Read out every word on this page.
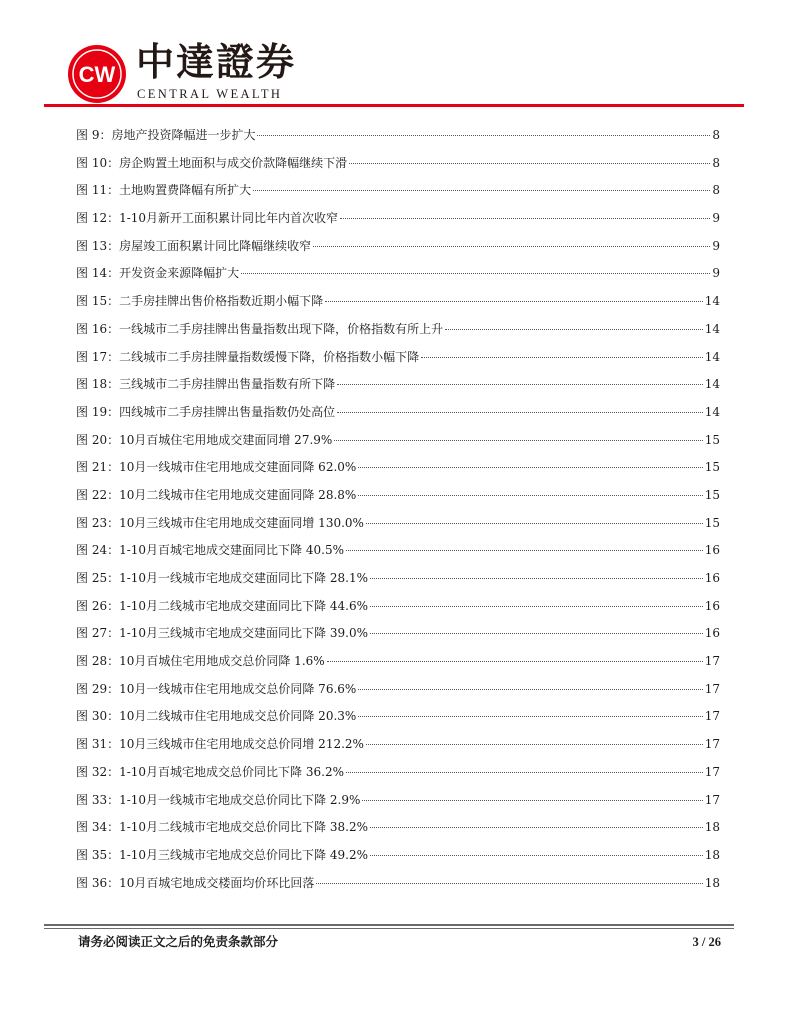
CW 中達證券
CENTRAL WEALTH
图 9： 房地产投资降幅进一步扩大	8
图 10： 房企购置土地面积与成交价款降幅继续下滑	8
图 11： 土地购置费降幅有所扩大	8
图 12： 1-10月新开工面积累计同比年内首次收窄	9
图 13： 房屋竣工面积累计同比降幅继续收窄	9
图 14： 开发资金来源降幅扩大	9
图 15： 二手房挂牌出售价格指数近期小幅下降	14
图 16： 一线城市二手房挂牌出售量指数出现下降，价格指数有所上升	14
图 17： 二线城市二手房挂牌量指数缓慢下降，价格指数小幅下降	14
图 18： 三线城市二手房挂牌出售量指数有所下降	14
图 19： 四线城市二手房挂牌出售量指数仍处高位	14
图 20： 10月百城住宅用地成交建面同增 27.9%	15
图 21： 10月一线城市住宅用地成交建面同降 62.0%	15
图 22： 10月二线城市住宅用地成交建面同降 28.8%	15
图 23： 10月三线城市住宅用地成交建面同增 130.0%	15
图 24： 1-10月百城宅地成交建面同比下降 40.5%	16
图 25： 1-10月一线城市宅地成交建面同比下降 28.1%	16
图 26： 1-10月二线城市宅地成交建面同比下降 44.6%	16
图 27： 1-10月三线城市宅地成交建面同比下降 39.0%	16
图 28： 10月百城住宅用地成交总价同降 1.6%	17
图 29： 10月一线城市住宅用地成交总价同降 76.6%	17
图 30： 10月二线城市住宅用地成交总价同降 20.3%	17
图 31： 10月三线城市住宅用地成交总价同增 212.2%	17
图 32： 1-10月百城宅地成交总价同比下降 36.2%	17
图 33： 1-10月一线城市宅地成交总价同比下降 2.9%	17
图 34： 1-10月二线城市宅地成交总价同比下降 38.2%	18
图 35： 1-10月三线城市宅地成交总价同比下降 49.2%	18
图 36： 10月百城宅地成交楼面均价环比回落	18
请务必阅读正文之后的免责条款部分	3 / 26
